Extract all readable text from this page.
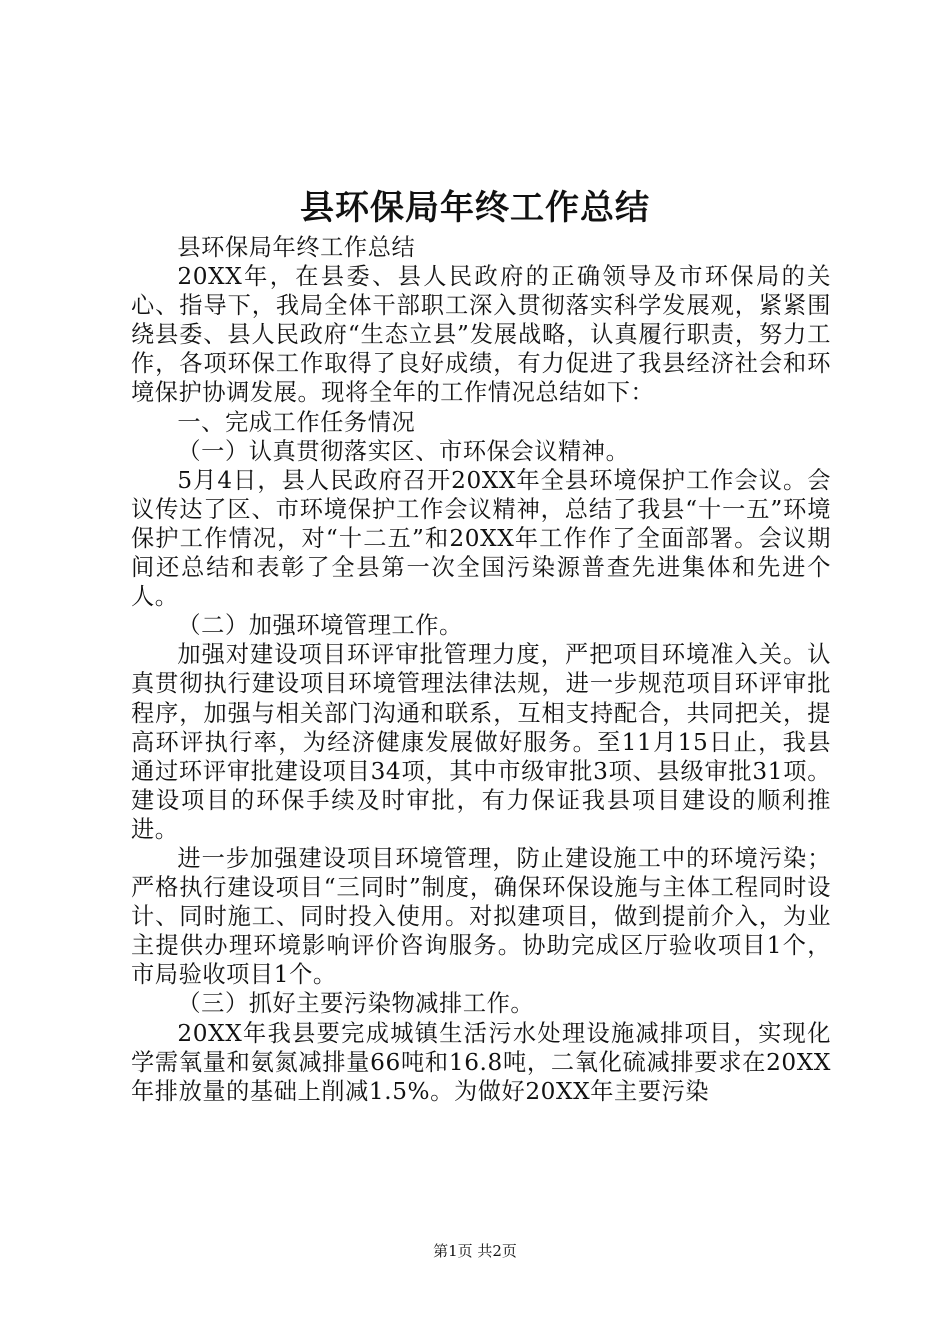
县环保局年终工作总结

县环保局年终工作总结

20XX年，在县委、县人民政府的正确领导及市环保局的关心、指导下，我局全体干部职工深入贯彻落实科学发展观，紧紧围绕县委、县人民政府“生态立县”发展战略，认真履行职责，努力工作，各项环保工作取得了良好成绩，有力促进了我县经济社会和环境保护协调发展。现将全年的工作情况总结如下：

一、完成工作任务情况

（一）认真贯彻落实区、市环保会议精神。

5月4日，县人民政府召开20XX年全县环境保护工作会议。会议传达了区、市环境保护工作会议精神，总结了我县“十一五”环境保护工作情况，对“十二五”和20XX年工作作了全面部署。会议期间还总结和表彰了全县第一次全国污染源普查先进集体和先进个人。

（二）加强环境管理工作。

加强对建设项目环评审批管理力度，严把项目环境准入关。认真贯彻执行建设项目环境管理法律法规，进一步规范项目环评审批程序，加强与相关部门沟通和联系，互相支持配合，共同把关，提高环评执行率，为经济健康发展做好服务。至11月15日止，我县通过环评审批建设项目34项，其中市级审批3项、县级审批31项。建设项目的环保手续及时审批，有力保证我县项目建设的顺利推进。

进一步加强建设项目环境管理，防止建设施工中的环境污染；严格执行建设项目“三同时”制度，确保环保设施与主体工程同时设计、同时施工、同时投入使用。对拟建项目，做到提前介入，为业主提供办理环境影响评价咨询服务。协助完成区厅验收项目1个，市局验收项目1个。

（三）抓好主要污染物减排工作。

20XX年我县要完成城镇生活污水处理设施减排项目，实现化学需氧量和氨氮减排量66吨和16.8吨，二氧化硫减排要求在20XX年排放量的基础上削减1.5%。为做好20XX年主要污染

第1页 共2页
